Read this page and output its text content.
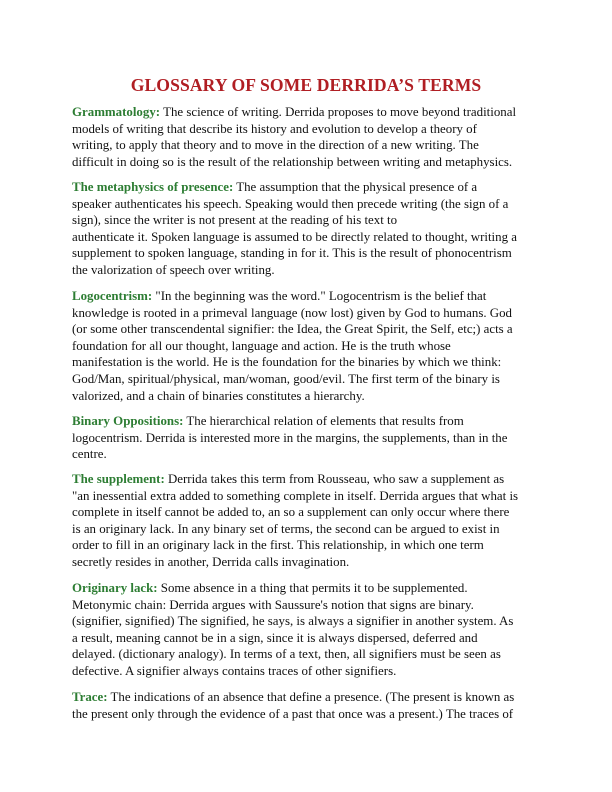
GLOSSARY OF SOME DERRIDA’S TERMS

Grammatology: The science of writing. Derrida proposes to move beyond traditional
models of writing that describe its history and evolution to develop a theory of
writing, to apply that theory and to move in the direction of a new writing. The
difficult in doing so is the result of the relationship between writing and metaphysics.

The metaphysics of presence: The assumption that the physical presence of a
speaker authenticates his speech. Speaking would then precede writing (the sign of a
sign), since the writer is not present at the reading of his text to
authenticate it. Spoken language is assumed to be directly related to thought, writing a
supplement to spoken language, standing in for it. This is the result of phonocentrism
the valorization of speech over writing.

Logocentrism: "In the beginning was the word." Logocentrism is the belief that
knowledge is rooted in a primeval language (now lost) given by God to humans. God
(or some other transcendental signifier: the Idea, the Great Spirit, the Self, etc;) acts a
foundation for all our thought, language and action. He is the truth whose
manifestation is the world. He is the foundation for the binaries by which we think:
God/Man, spiritual/physical, man/woman, good/evil. The first term of the binary is
valorized, and a chain of binaries constitutes a hierarchy.

Binary Oppositions: The hierarchical relation of elements that results from
logocentrism. Derrida is interested more in the margins, the supplements, than in the
centre.

The supplement: Derrida takes this term from Rousseau, who saw a supplement as
"an inessential extra added to something complete in itself. Derrida argues that what is
complete in itself cannot be added to, an so a supplement can only occur where there
is an originary lack. In any binary set of terms, the second can be argued to exist in
order to fill in an originary lack in the first. This relationship, in which one term
secretly resides in another, Derrida calls invagination.

Originary lack: Some absence in a thing that permits it to be supplemented.
Metonymic chain: Derrida argues with Saussure's notion that signs are binary.
(signifier, signified) The signified, he says, is always a signifier in another system. As
a result, meaning cannot be in a sign, since it is always dispersed, deferred and
delayed. (dictionary analogy). In terms of a text, then, all signifiers must be seen as
defective. A signifier always contains traces of other signifiers.

Trace: The indications of an absence that define a presence. (The present is known as
the present only through the evidence of a past that once was a present.) The traces of
